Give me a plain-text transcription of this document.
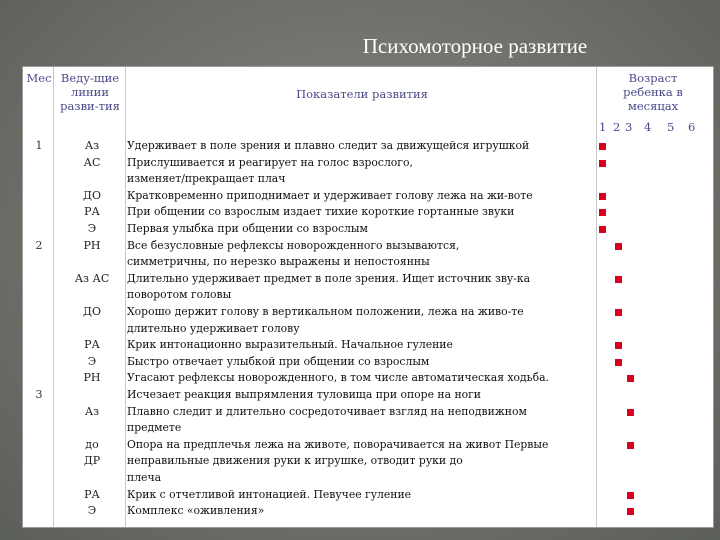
Психомоторное развитие
Мес Веду-щие
линии
разви-тия
Показатели развития
Возраст
ребенка в
месяцах
1 2 3 4 5 6
1
2
3
Аз
АС
ДО
РА
Э
РН
Аз АС
ДО
РА
Э
РН
Аз
до
ДР
РА
Э
Удерживает в поле зрения и плавно следит за движущейся игрушкой
Прислушивается и реагирует на голос взрослого,
изменяет/прекращает плач
Кратковременно приподнимает и удерживает голову лежа на жи-воте
При общении со взрослым издает тихие короткие гортанные звуки
Первая улыбка при общении со взрослым
Все безусловные рефлексы новорожденного вызываются,
симметричны, по нерезко выражены и непостоянны
Длительно удерживает предмет в поле зрения. Ищет источник зву-ка
поворотом головы
Хорошо держит голову в вертикальном положении, лежа на живо-те
длительно удерживает голову
Крик интонационно выразительный. Начальное гуление
Быстро отвечает улыбкой при общении со взрослым
Угасают рефлексы новорожденного, в том числе автоматическая ходьба.
Исчезает реакция выпрямления туловища при опоре на ноги
Плавно следит и длительно сосредоточивает взгляд на неподвижном
предмете
Опора на предплечья лежа на животе, поворачивается на живот Первые
неправильные движения руки к игрушке, отводит руки до
плеча
Крик с отчетливой интонацией. Певучее гуление
Комплекс «оживления»
